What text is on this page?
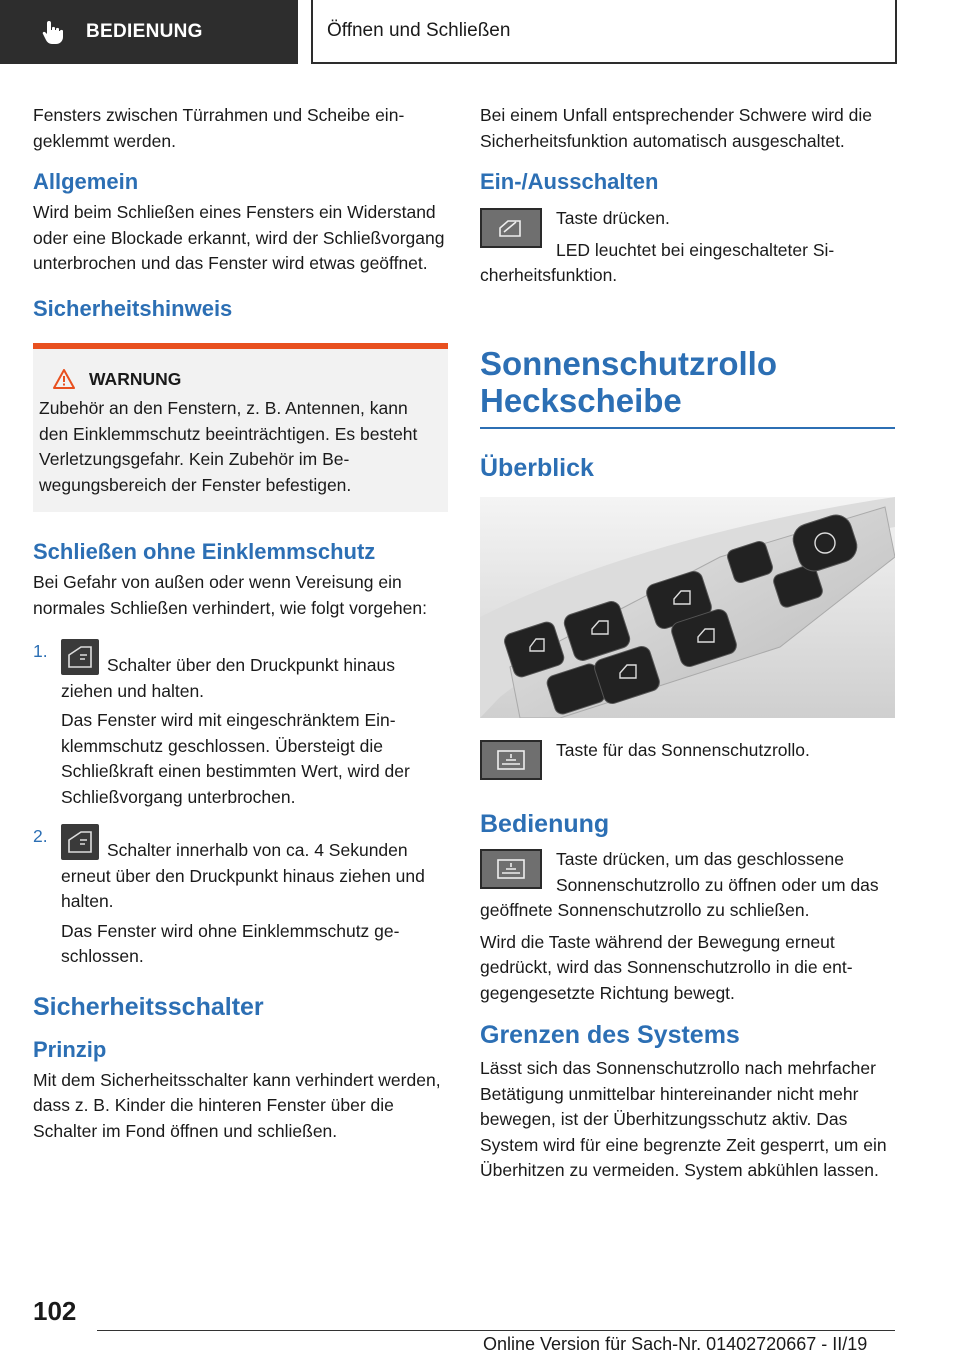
BEDIENUNG	Öffnen und Schließen

Fensters zwischen Türrahmen und Scheibe eingeklemmt werden.

Allgemein

Wird beim Schließen eines Fensters ein Widerstand oder eine Blockade erkannt, wird der Schließvorgang unterbrochen und das Fenster wird etwas geöffnet.

Sicherheitshinweis
WARNUNG

Zubehör an den Fenstern, z. B. Antennen, kann den Einklemmschutz beeinträchtigen. Es besteht Verletzungsgefahr. Kein Zubehör im Bewegungsbereich der Fenster befestigen.

Schließen ohne Einklemmschutz

Bei Gefahr von außen oder wenn Vereisung ein normales Schließen verhindert, wie folgt vorgehen:

1.

Schalter über den Druckpunkt hinaus ziehen und halten.

Das Fenster wird mit eingeschränktem Einklemmschutz geschlossen. Übersteigt die Schließkraft einen bestimmten Wert, wird der Schließvorgang unterbrochen.

2.

Schalter innerhalb von ca. 4 Sekunden erneut über den Druckpunkt hinaus ziehen und halten.

Das Fenster wird ohne Einklemmschutz geschlossen.

Sicherheitsschalter
Prinzip

Mit dem Sicherheitsschalter kann verhindert werden, dass z. B. Kinder die hinteren Fenster über die Schalter im Fond öffnen und schließen.

Bei einem Unfall entsprechender Schwere wird die Sicherheitsfunktion automatisch ausgeschaltet.

Ein-/Ausschalten

Taste drücken.

LED leuchtet bei eingeschalteter Sicherheitsfunktion.

Sonnenschutzrollo
Heckscheibe
Überblick

Taste für das Sonnenschutzrollo.

Bedienung

Taste drücken, um das geschlossene Sonnenschutzrollo zu öffnen oder um das geöffnete Sonnenschutzrollo zu schließen.

Wird die Taste während der Bewegung erneut gedrückt, wird das Sonnenschutzrollo in die entgegengesetzte Richtung bewegt.

Grenzen des Systems

Lässt sich das Sonnenschutzrollo nach mehrfacher Betätigung unmittelbar hintereinander nicht mehr bewegen, ist der Überhitzungsschutz aktiv. Das System wird für eine begrenzte Zeit gesperrt, um ein Überhitzen zu vermeiden. System abkühlen lassen.

102
Online Version für Sach-Nr. 01402720667 - II/19
